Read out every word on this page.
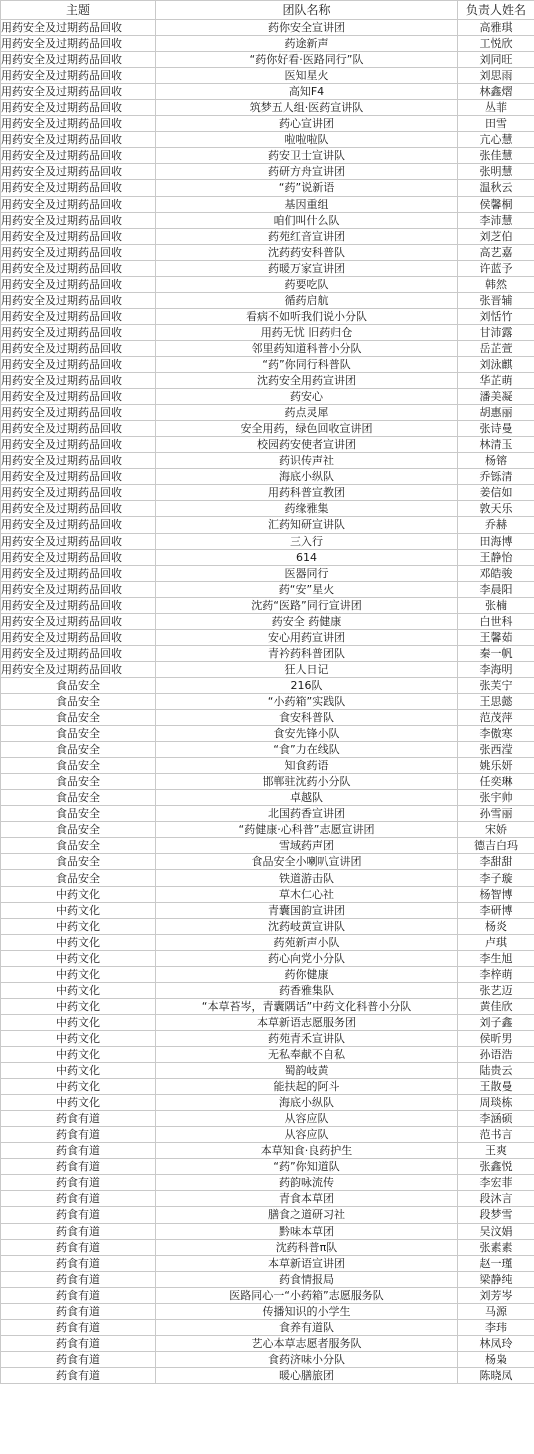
主题	团队名称	负责人姓名
用药安全及过期药品回收	药你安全宣讲团	高雅琪
用药安全及过期药品回收	药途新声	工悦欣
用药安全及过期药品回收	“药你好看·医路同行”队	刘同旺
用药安全及过期药品回收	医知星火	刘思雨
用药安全及过期药品回收	高知F4	林鑫熠
用药安全及过期药品回收	筑梦五人组·医药宣讲队	丛菲
用药安全及过期药品回收	药心宣讲团	田雪
用药安全及过期药品回收	啦啦啦队	亢心慧
用药安全及过期药品回收	药安卫士宣讲队	张佳慧
用药安全及过期药品回收	药研方舟宣讲团	张明慧
用药安全及过期药品回收	“药”说新语	温秋云
用药安全及过期药品回收	基因重组	侯馨桐
用药安全及过期药品回收	咱们叫什么队	李沛慧
用药安全及过期药品回收	药苑红音宣讲团	刘芝伯
用药安全及过期药品回收	沈药药安科普队	高艺嘉
用药安全及过期药品回收	药暖万家宣讲团	许蓝予
用药安全及过期药品回收	药要吃队	韩然
用药安全及过期药品回收	循药启航	张晋辅
用药安全及过期药品回收	看病不如听我们说小分队	刘恬竹
用药安全及过期药品回收	用药无忧 旧药归仓	甘沛露
用药安全及过期药品回收	邻里药知道科普小分队	岳芷萱
用药安全及过期药品回收	“药”你同行科普队	刘泳麒
用药安全及过期药品回收	沈药安全用药宣讲团	华芷萌
用药安全及过期药品回收	药安心	潘美凝
用药安全及过期药品回收	药点灵犀	胡惠丽
用药安全及过期药品回收	安全用药，绿色回收宣讲团	张诗曼
用药安全及过期药品回收	校园药安使者宣讲团	林清玉
用药安全及过期药品回收	药识传声社	杨镕
用药安全及过期药品回收	海底小纵队	乔铄清
用药安全及过期药品回收	用药科普宣教团	姜信如
用药安全及过期药品回收	药缘雅集	敦天乐
用药安全及过期药品回收	汇药知研宣讲队	乔赫
用药安全及过期药品回收	三入行	田海博
用药安全及过期药品回收	614	王静怡
用药安全及过期药品回收	医器同行	邓皓骏
用药安全及过期药品回收	药“安”星火	李晨阳
用药安全及过期药品回收	沈药“医路”同行宣讲团	张楠
用药安全及过期药品回收	药安全 药健康	白世科
用药安全及过期药品回收	安心用药宣讲团	王馨茹
用药安全及过期药品回收	青衿药科普团队	秦一帆
用药安全及过期药品回收	狂人日记	李海明
食品安全	216队	张芙宁
食品安全	“小药箱”实践队	王思懿
食品安全	食安科普队	范茂萍
食品安全	食安先锋小队	李傲寒
食品安全	“食”力在线队	张西滢
食品安全	知食药语	姚乐妍
食品安全	邯郸驻沈药小分队	任奕琳
食品安全	卓越队	张宇帅
食品安全	北国药香宣讲团	孙雪丽
食品安全	“药健康·心科普”志愿宣讲团	宋娇
食品安全	雪域药声团	德吉白玛
食品安全	食品安全小喇叭宣讲团	李甜甜
食品安全	铁道游击队	李子璇
中药文化	草木仁心社	杨智博
中药文化	青囊国韵宣讲团	李研博
中药文化	沈药岐黄宣讲队	杨炎
中药文化	药苑新声小队	卢琪
中药文化	药心向党小分队	李生旭
中药文化	药你健康	李梓萌
中药文化	药香雅集队	张艺迈
中药文化	“本草苔岑，青囊隅话”中药文化科普小分队	黄佳欣
中药文化	本草新语志愿服务团	刘子鑫
中药文化	药苑青禾宣讲队	侯昕男
中药文化	无私奉献不自私	孙语浩
中药文化	蜀韵岐黄	陆贵云
中药文化	能扶起的阿斗	王散曼
中药文化	海底小纵队	周琰栋
药食有道	从容应队	李涵硕
药食有道	从容应队	范书言
药食有道	本草知食·良药护生	王爽
药食有道	“药”你知道队	张鑫悦
药食有道	药韵咏流传	李宏菲
药食有道	青食本草团	段沐言
药食有道	膳食之道研习社	段梦雪
药食有道	黔味本草团	吴汶娟
药食有道	沈药科普π队	张素素
药食有道	本草新语宣讲团	赵一瑾
药食有道	药食情报局	梁静纯
药食有道	医路同心一“小药箱”志愿服务队	刘芳岑
药食有道	传播知识的小学生	马源
药食有道	食养有道队	李玮
药食有道	艺心本草志愿者服务队	林凤玲
药食有道	食药济味小分队	杨枭
药食有道	暖心膳旅团	陈晓凤
